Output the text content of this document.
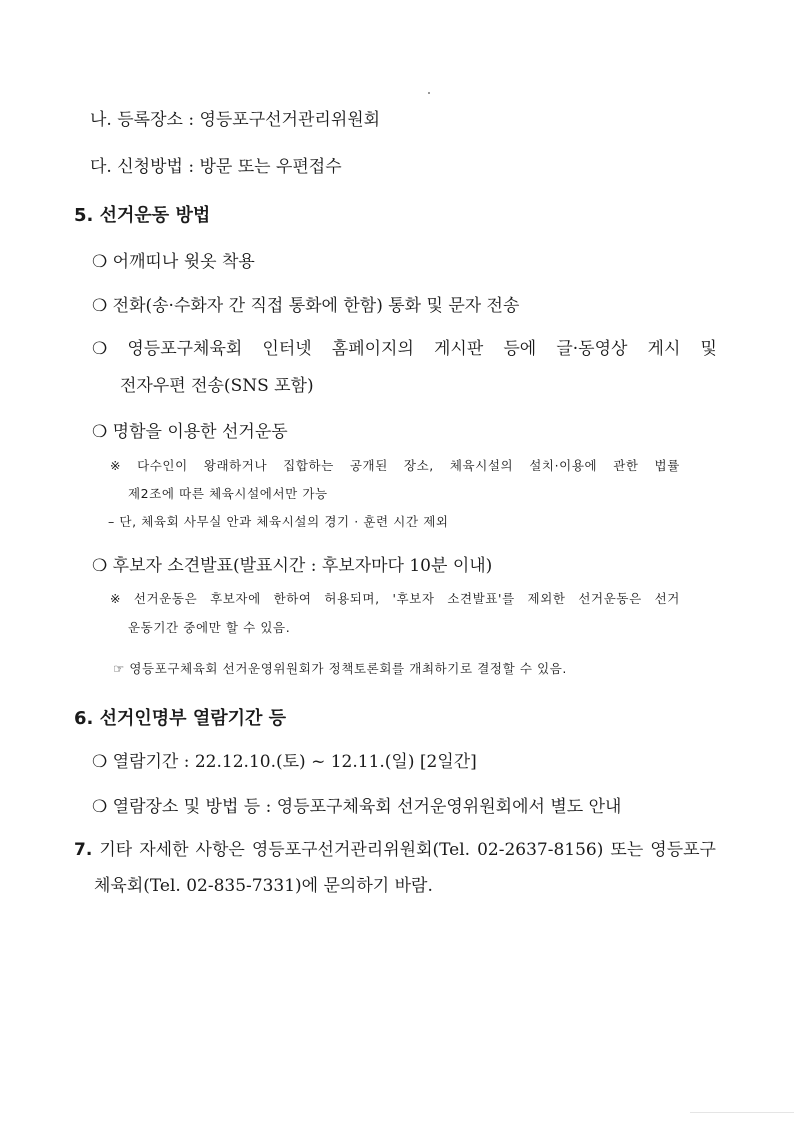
나. 등록장소 : 영등포구선거관리위원회
다. 신청방법 : 방문 또는 우편접수
5. 선거운동 방법
❍ 어깨띠나 윗옷 착용
❍ 전화(송·수화자 간 직접 통화에 한함) 통화 및 문자 전송
❍ 영등포구체육회 인터넷 홈페이지의 게시판 등에 글·동영상 게시 및
전자우편 전송(SNS 포함)
❍ 명함을 이용한 선거운동
※ 다수인이 왕래하거나 집합하는 공개된 장소, 체육시설의 설치·이용에 관한 법률
제2조에 따른 체육시설에서만 가능
– 단, 체육회 사무실 안과 체육시설의 경기 · 훈련 시간 제외
❍ 후보자 소견발표(발표시간 : 후보자마다 10분 이내)
※ 선거운동은 후보자에 한하여 허용되며, '후보자 소견발표'를 제외한 선거운동은 선거
운동기간 중에만 할 수 있음.
☞ 영등포구체육회 선거운영위원회가 정책토론회를 개최하기로 결정할 수 있음.
6. 선거인명부 열람기간 등
❍ 열람기간 : 22.12.10.(토) ~ 12.11.(일) [2일간]
❍ 열람장소 및 방법 등 : 영등포구체육회 선거운영위원회에서 별도 안내
7. 기타 자세한 사항은 영등포구선거관리위원회(Tel. 02-2637-8156) 또는 영등포구
체육회(Tel. 02-835-7331)에 문의하기 바람.
